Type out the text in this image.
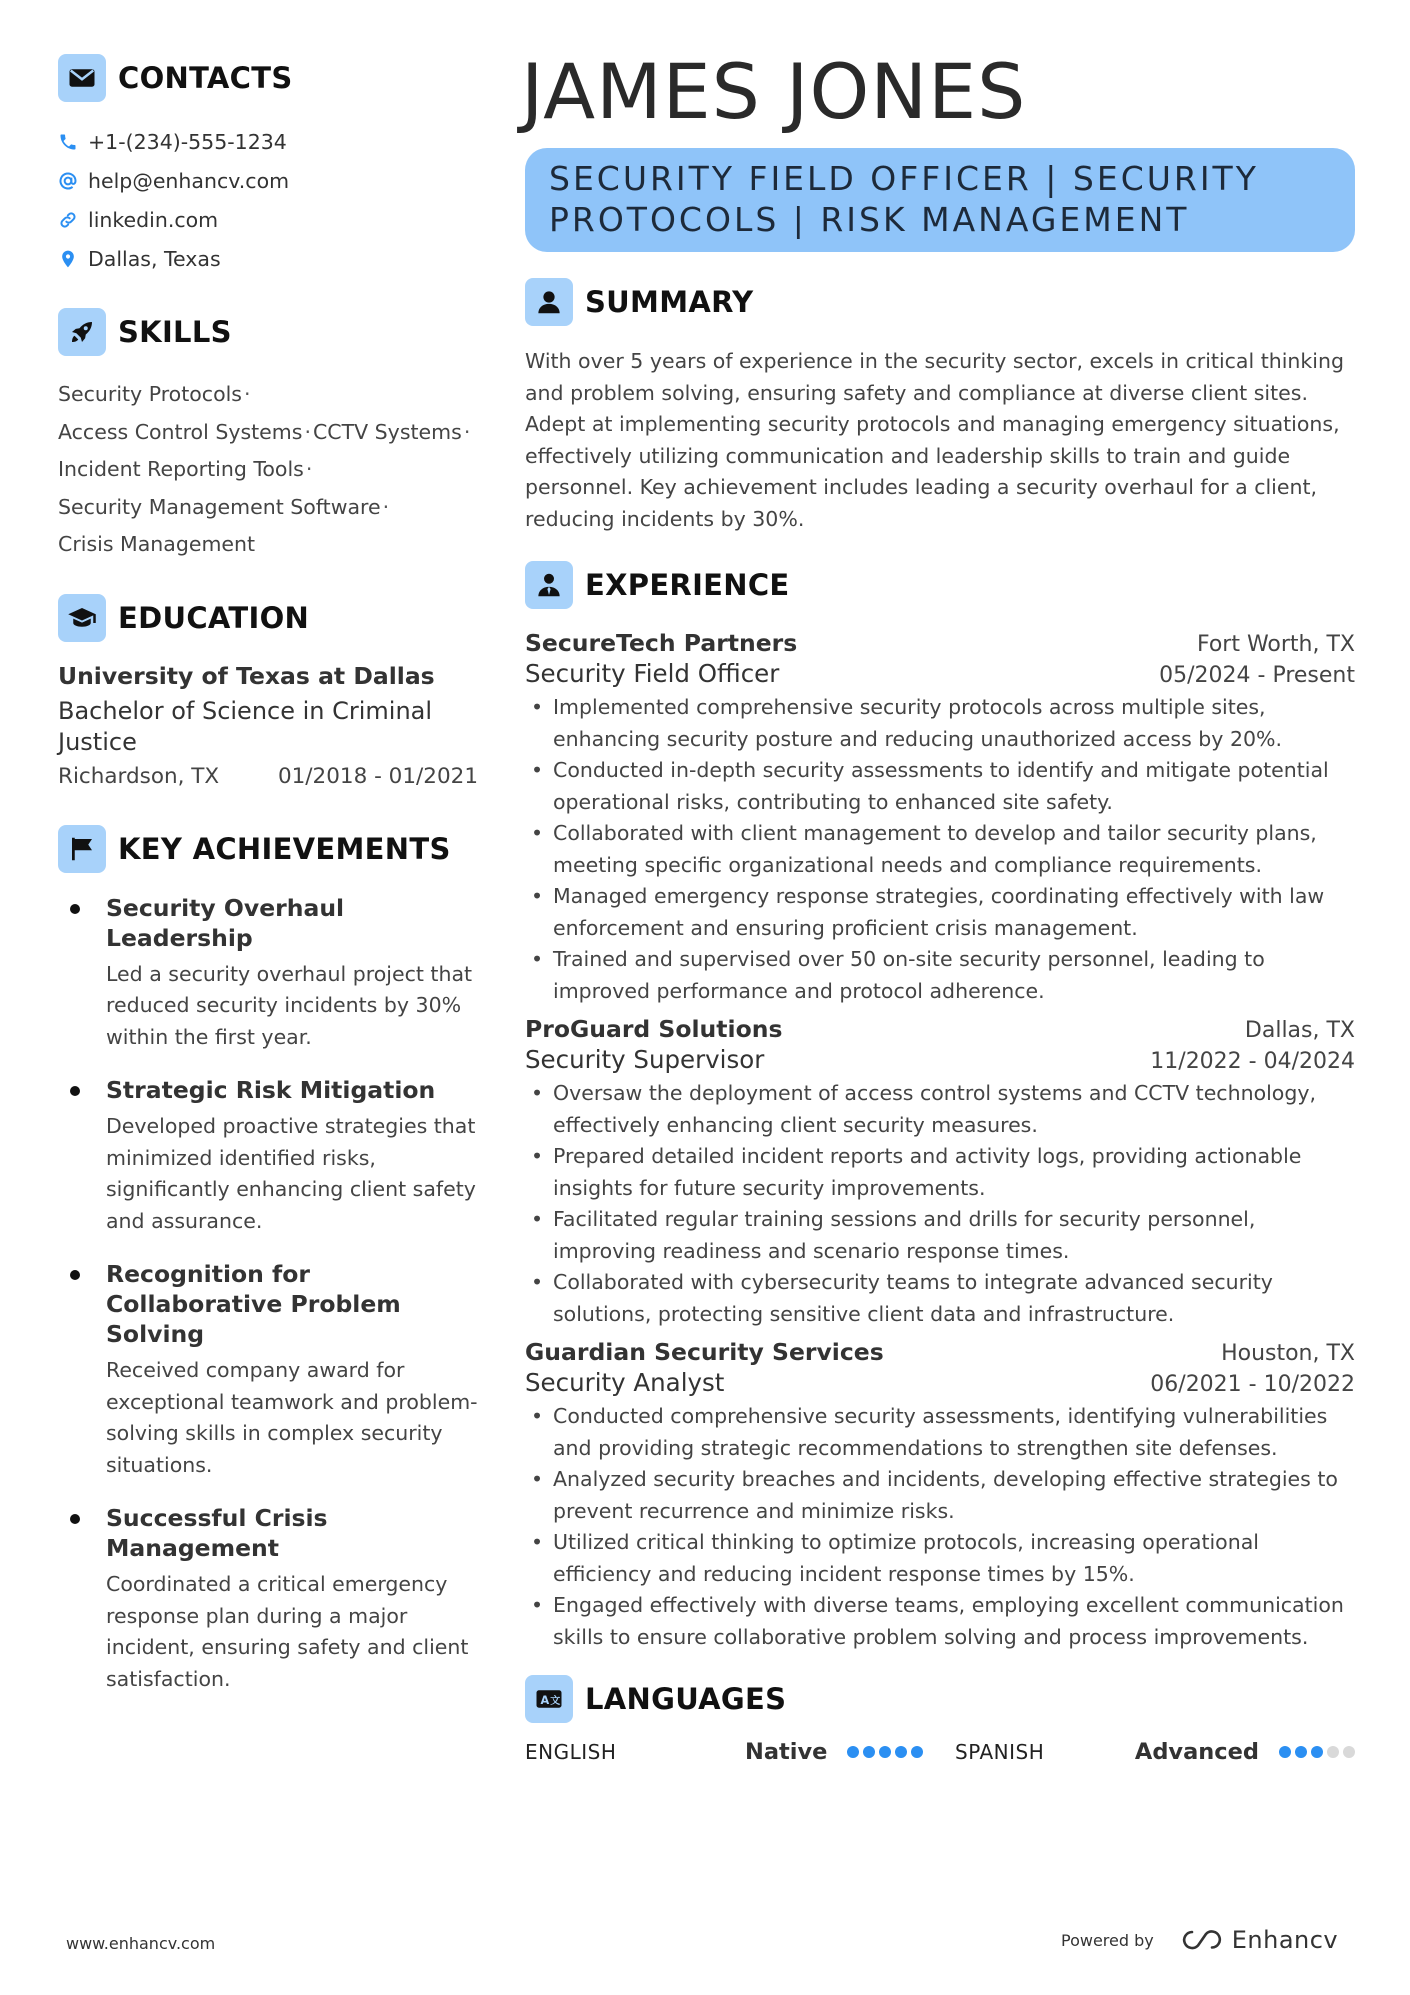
CONTACTS
+1-(234)-555-1234
help@enhancv.com
linkedin.com
Dallas, Texas
SKILLS
Security Protocols·
Access Control Systems·CCTV Systems·
Incident Reporting Tools·
Security Management Software·
Crisis Management
EDUCATION
University of Texas at Dallas
Bachelor of Science in Criminal Justice
Richardson, TX	01/2018 - 01/2021
KEY ACHIEVEMENTS
Security Overhaul Leadership
Led a security overhaul project that reduced security incidents by 30% within the first year.
Strategic Risk Mitigation
Developed proactive strategies that minimized identified risks, significantly enhancing client safety and assurance.
Recognition for Collaborative Problem Solving
Received company award for exceptional teamwork and problem-solving skills in complex security situations.
Successful Crisis Management
Coordinated a critical emergency response plan during a major incident, ensuring safety and client satisfaction.
JAMES JONES
SECURITY FIELD OFFICER | SECURITY PROTOCOLS | RISK MANAGEMENT
SUMMARY
With over 5 years of experience in the security sector, excels in critical thinking and problem solving, ensuring safety and compliance at diverse client sites. Adept at implementing security protocols and managing emergency situations, effectively utilizing communication and leadership skills to train and guide personnel. Key achievement includes leading a security overhaul for a client, reducing incidents by 30%.
EXPERIENCE
SecureTech Partners	Fort Worth, TX
Security Field Officer	05/2024 - Present
• Implemented comprehensive security protocols across multiple sites, enhancing security posture and reducing unauthorized access by 20%.
• Conducted in-depth security assessments to identify and mitigate potential operational risks, contributing to enhanced site safety.
• Collaborated with client management to develop and tailor security plans, meeting specific organizational needs and compliance requirements.
• Managed emergency response strategies, coordinating effectively with law enforcement and ensuring proficient crisis management.
• Trained and supervised over 50 on-site security personnel, leading to improved performance and protocol adherence.
ProGuard Solutions	Dallas, TX
Security Supervisor	11/2022 - 04/2024
• Oversaw the deployment of access control systems and CCTV technology, effectively enhancing client security measures.
• Prepared detailed incident reports and activity logs, providing actionable insights for future security improvements.
• Facilitated regular training sessions and drills for security personnel, improving readiness and scenario response times.
• Collaborated with cybersecurity teams to integrate advanced security solutions, protecting sensitive client data and infrastructure.
Guardian Security Services	Houston, TX
Security Analyst	06/2021 - 10/2022
• Conducted comprehensive security assessments, identifying vulnerabilities and providing strategic recommendations to strengthen site defenses.
• Analyzed security breaches and incidents, developing effective strategies to prevent recurrence and minimize risks.
• Utilized critical thinking to optimize protocols, increasing operational efficiency and reducing incident response times by 15%.
• Engaged effectively with diverse teams, employing excellent communication skills to ensure collaborative problem solving and process improvements.
A 文 LANGUAGES
ENGLISH	Native	SPANISH	Advanced
www.enhancv.com	Powered by	Enhancv
